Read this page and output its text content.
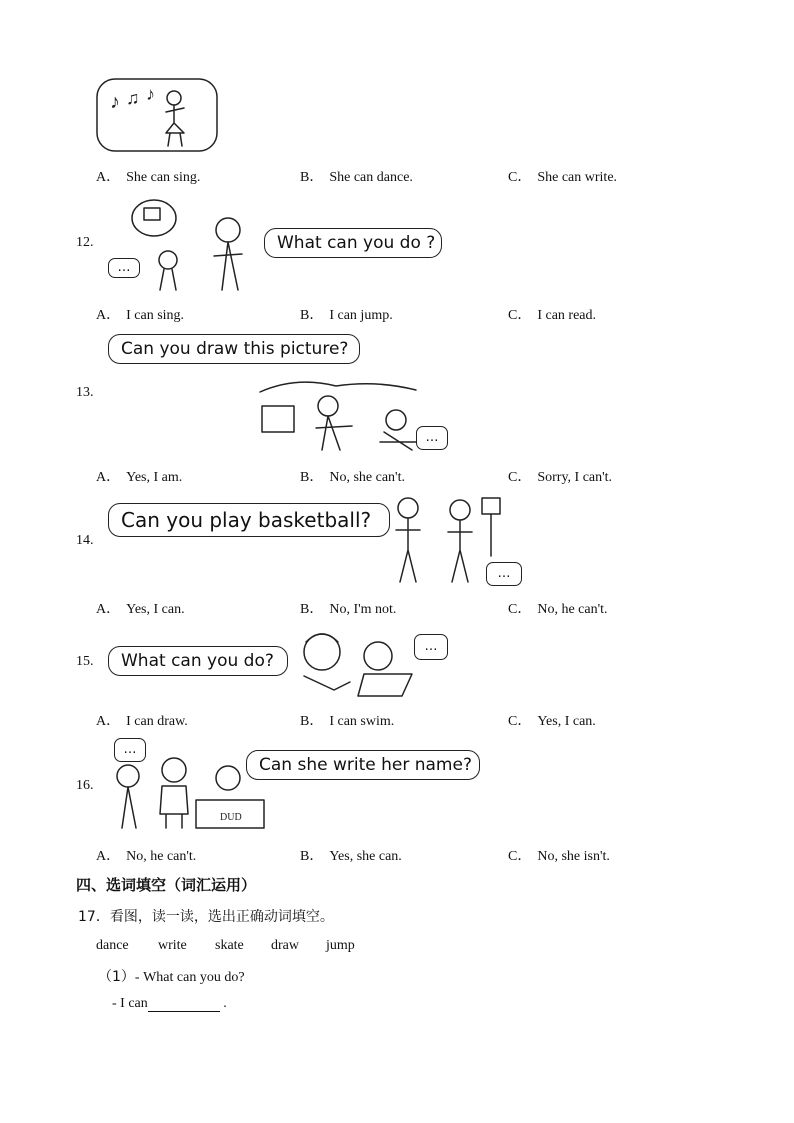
♪ ♫ ♪
A． She can sing.	B． She can dance.	C． She can write.
12.
…
What can you do ?
A． I can sing.	B． I can jump.	C． I can read.
Can you draw this picture?
13.
…
A． Yes, I am.	B． No, she can't.	C． Sorry, I can't.
Can you play basketball?
14.
…
A． Yes, I can.	B． No, I'm not.	C． No, he can't.
15. What can you do?
…
A． I can draw.	B． I can swim.	C． Yes, I can.
…
16.
DUD
Can she write her name?
A． No, he can't.	B． Yes, she can.	C． No, she isn't.
四、选词填空（词汇运用）
17．看图，读一读，选出正确动词填空。
dance write skate draw jump
（1）- What can you do?
- I can	.
